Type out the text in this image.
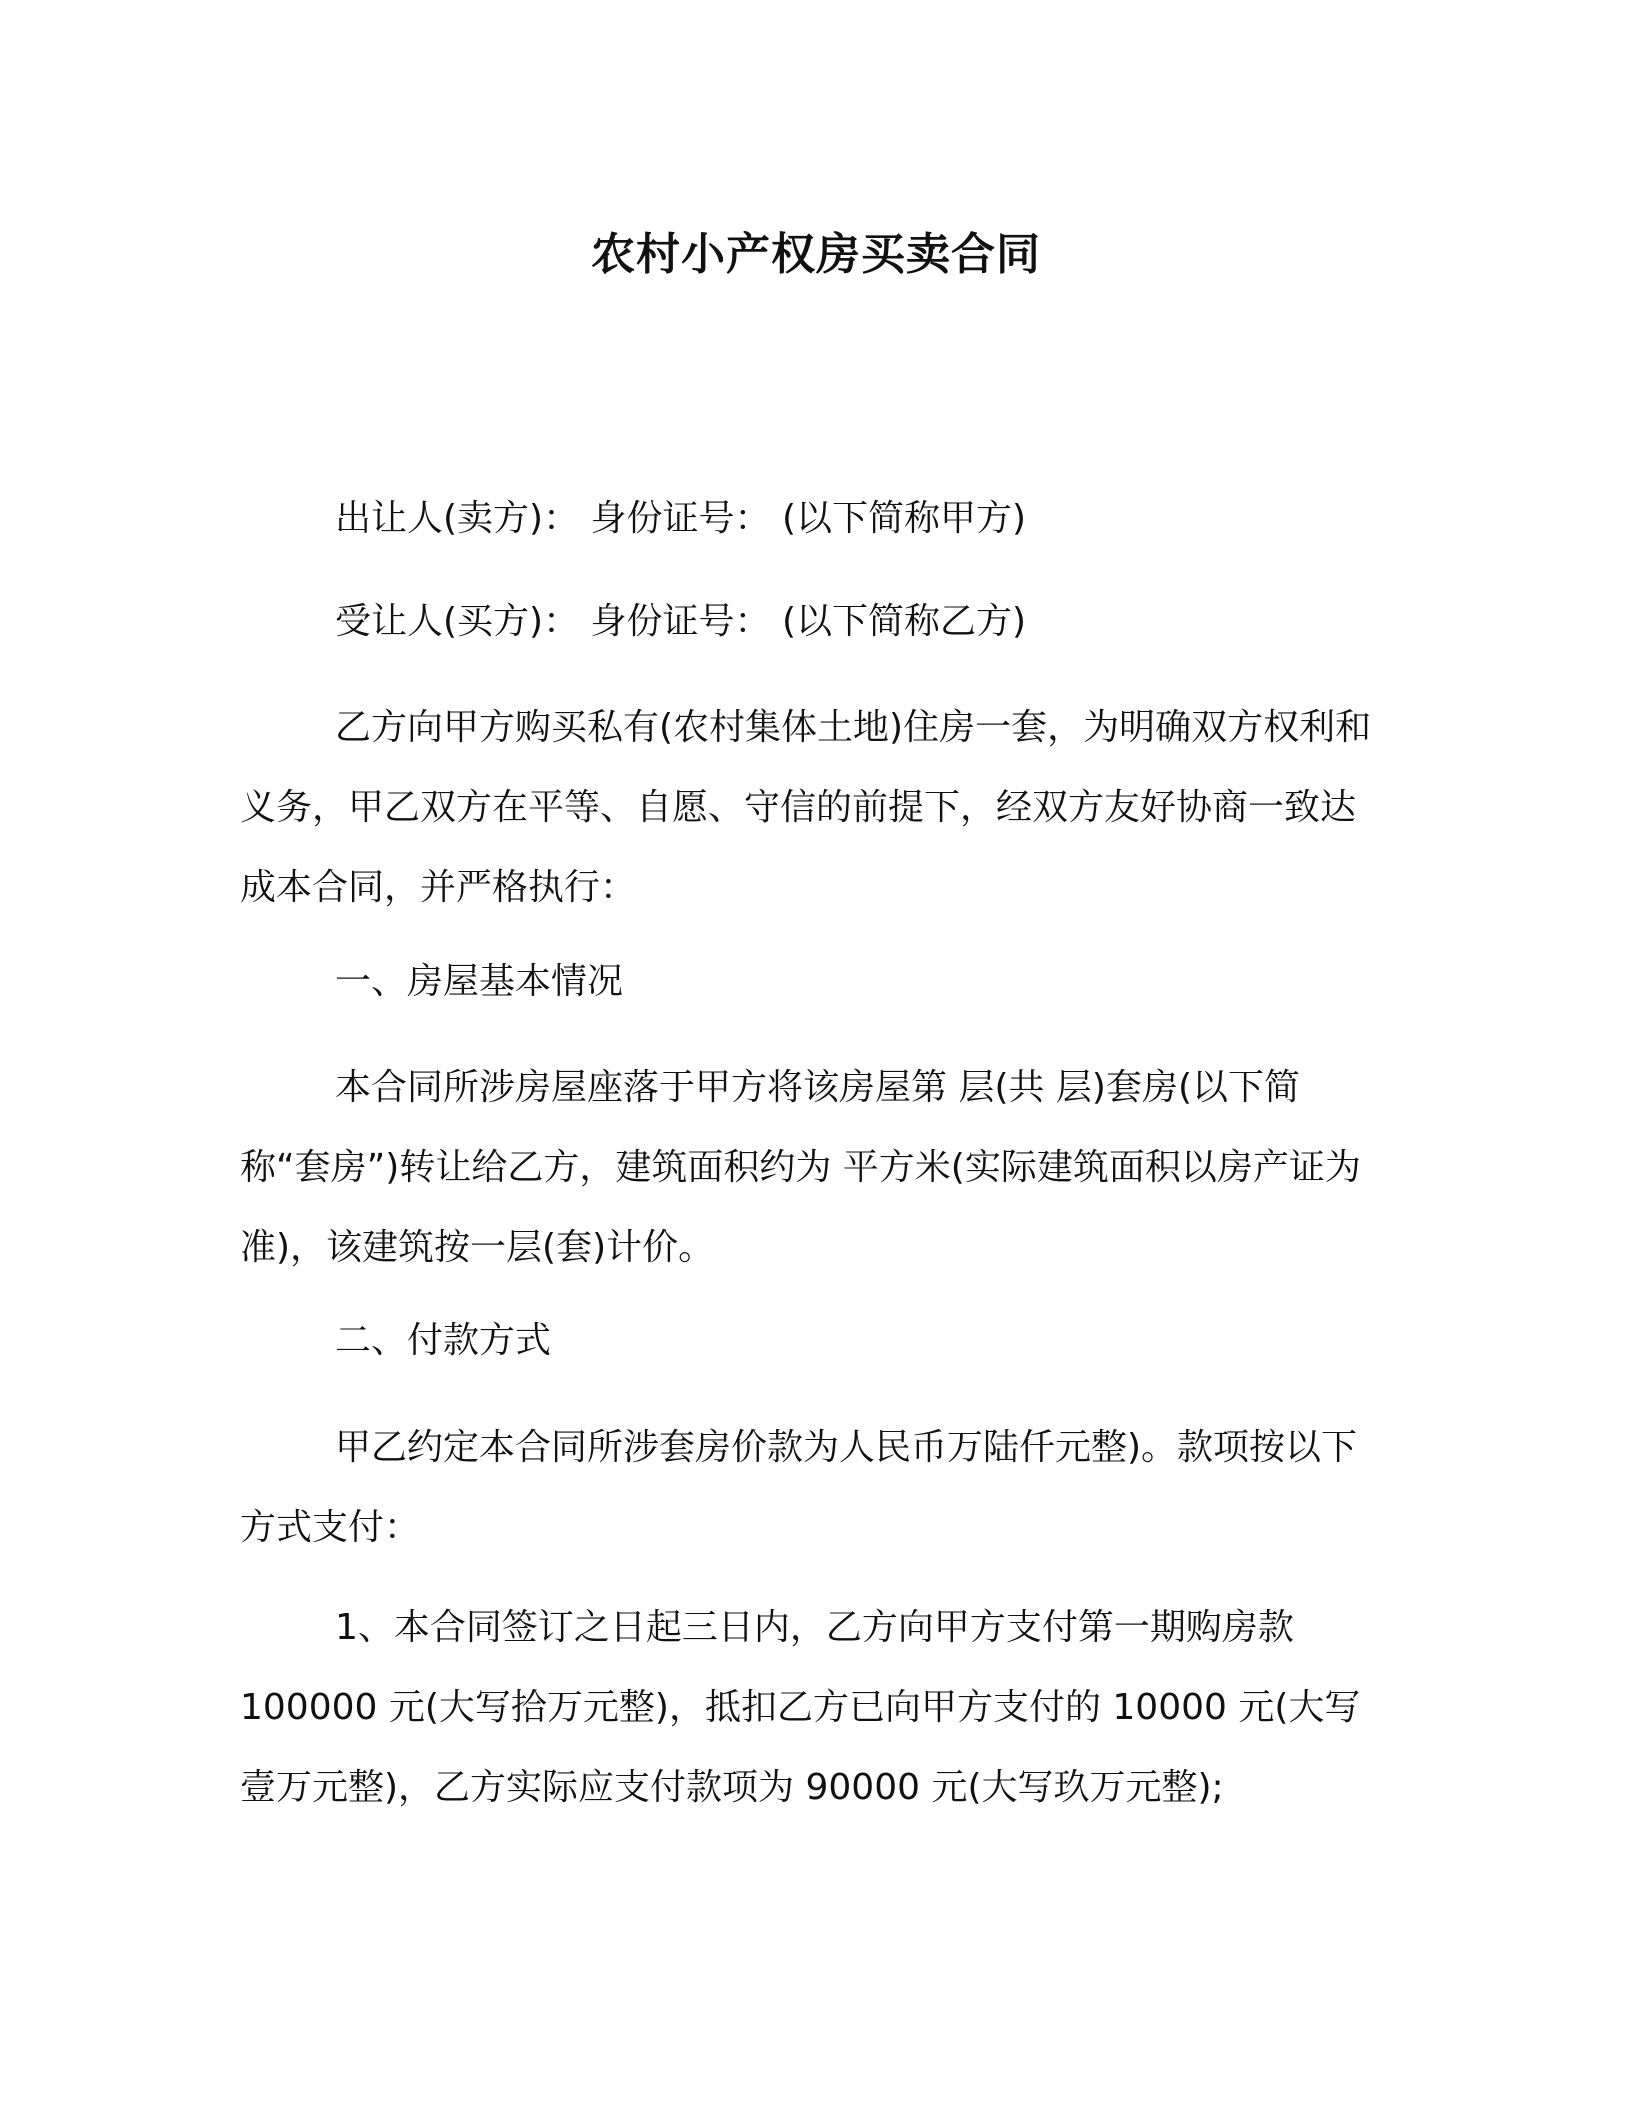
农村小产权房买卖合同
出让人(卖方)： 身份证号： (以下简称甲方)
受让人(买方)： 身份证号： (以下简称乙方)
乙方向甲方购买私有(农村集体土地)住房一套，为明确双方权利和义务，甲乙双方在平等、自愿、守信的前提下，经双方友好协商一致达成本合同，并严格执行：
一、房屋基本情况
本合同所涉房屋座落于甲方将该房屋第 层(共 层)套房(以下简称“套房”)转让给乙方，建筑面积约为 平方米(实际建筑面积以房产证为准)，该建筑按一层(套)计价。
二、付款方式
甲乙约定本合同所涉套房价款为人民币万陆仟元整)。款项按以下方式支付：
1、本合同签订之日起三日内，乙方向甲方支付第一期购房款100000 元(大写拾万元整)，抵扣乙方已向甲方支付的 10000 元(大写壹万元整)，乙方实际应支付款项为 90000 元(大写玖万元整);
